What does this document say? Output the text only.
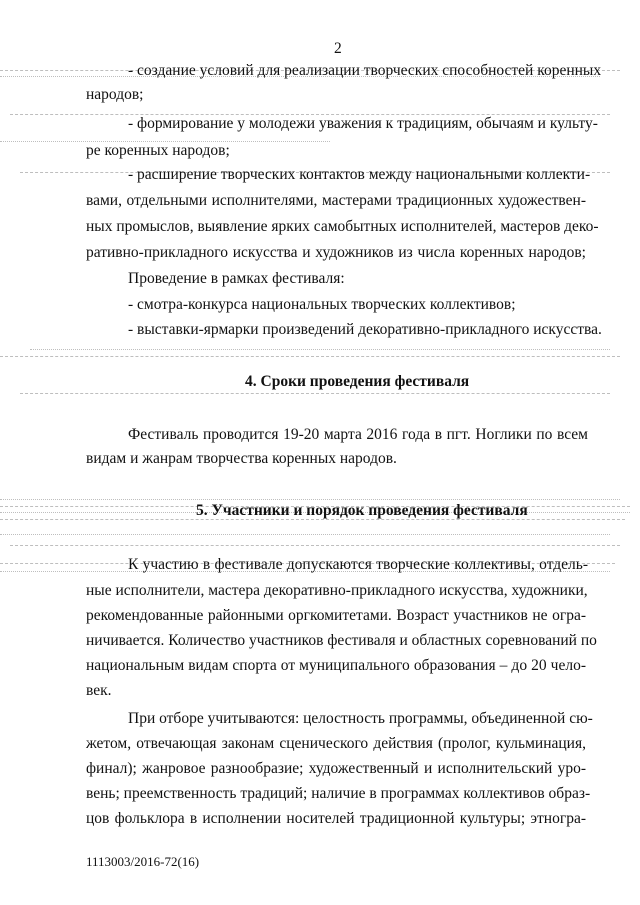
2
- создание условий для реализации творческих способностей коренных
народов;
- формирование у молодежи уважения к традициям, обычаям и культу-
ре коренных народов;
- расширение творческих контактов между национальными коллекти-
вами, отдельными исполнителями, мастерами традиционных художествен-
ных промыслов, выявление ярких самобытных исполнителей, мастеров деко-
ративно-прикладного искусства и художников из числа коренных народов;
Проведение в рамках фестиваля:
- смотра-конкурса национальных творческих коллективов;
- выставки-ярмарки произведений декоративно-прикладного искусства.
4. Сроки проведения фестиваля
Фестиваль проводится 19-20 марта 2016 года в пгт. Ноглики по всем
видам и жанрам творчества коренных народов.
5. Участники и порядок проведения фестиваля
К участию в фестивале допускаются творческие коллективы, отдель-
ные исполнители, мастера декоративно-прикладного искусства, художники,
рекомендованные районными оргкомитетами. Возраст участников не огра-
ничивается. Количество участников фестиваля и областных соревнований по
национальным видам спорта от муниципального образования – до 20 чело-
век.
При отборе учитываются: целостность программы, объединенной сю-
жетом, отвечающая законам сценического действия (пролог, кульминация,
финал); жанровое разнообразие; художественный и исполнительский уро-
вень; преемственность традиций; наличие в программах коллективов образ-
цов фольклора в исполнении носителей традиционной культуры; этногра-
1113003/2016-72(16)
